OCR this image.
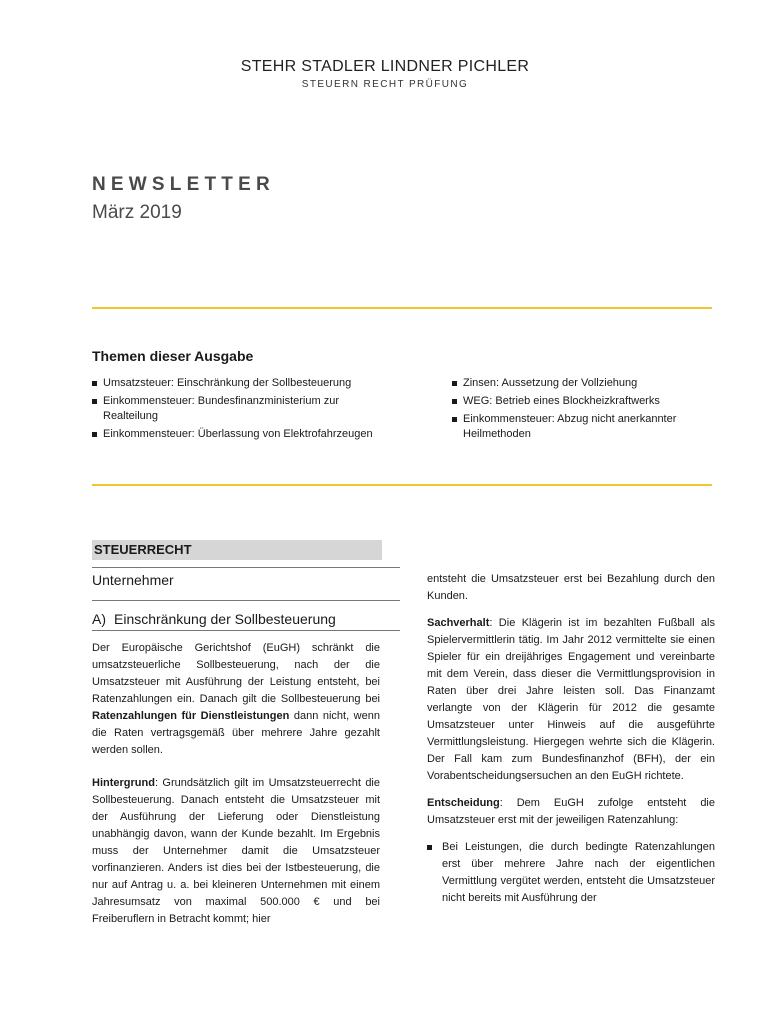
STEHR STADLER LINDNER PICHLER
STEUERN RECHT PRÜFUNG
NEWSLETTER
März 2019
Themen dieser Ausgabe
Umsatzsteuer: Einschränkung der Sollbesteuerung
Einkommensteuer: Bundesfinanzministerium zur Realteilung
Einkommensteuer: Überlassung von Elektrofahrzeugen
Zinsen: Aussetzung der Vollziehung
WEG: Betrieb eines Blockheizkraftwerks
Einkommensteuer: Abzug nicht anerkannter Heilmethoden
STEUERRECHT
Unternehmer
A) Einschränkung der Sollbesteuerung

Der Europäische Gerichtshof (EuGH) schränkt die umsatzsteuerliche Sollbesteuerung, nach der die Umsatzsteuer mit Ausführung der Leistung entsteht, bei Ratenzahlungen ein. Danach gilt die Sollbesteuerung bei Ratenzahlungen für Dienstleistungen dann nicht, wenn die Raten vertragsgemäß über mehrere Jahre gezahlt werden sollen.

Hintergrund: Grundsätzlich gilt im Umsatzsteuerrecht die Sollbesteuerung. Danach entsteht die Umsatzsteuer mit der Ausführung der Lieferung oder Dienstleistung unabhängig davon, wann der Kunde bezahlt. Im Ergebnis muss der Unternehmer damit die Umsatzsteuer vorfinanzieren. Anders ist dies bei der Istbesteuerung, die nur auf Antrag u. a. bei kleineren Unternehmen mit einem Jahresumsatz von maximal 500.000 € und bei Freiberuflern in Betracht kommt; hier

entsteht die Umsatzsteuer erst bei Bezahlung durch den Kunden.

Sachverhalt: Die Klägerin ist im bezahlten Fußball als Spielervermittlerin tätig. Im Jahr 2012 vermittelte sie einen Spieler für ein dreijähriges Engagement und vereinbarte mit dem Verein, dass dieser die Vermittlungsprovision in Raten über drei Jahre leisten soll. Das Finanzamt verlangte von der Klägerin für 2012 die gesamte Umsatzsteuer unter Hinweis auf die ausgeführte Vermittlungsleistung. Hiergegen wehrte sich die Klägerin. Der Fall kam zum Bundesfinanzhof (BFH), der ein Vorabentscheidungsersuchen an den EuGH richtete.

Entscheidung: Dem EuGH zufolge entsteht die Umsatzsteuer erst mit der jeweiligen Ratenzahlung:

Bei Leistungen, die durch bedingte Ratenzahlungen erst über mehrere Jahre nach der eigentlichen Vermittlung vergütet werden, entsteht die Umsatzsteuer nicht bereits mit Ausführung der
